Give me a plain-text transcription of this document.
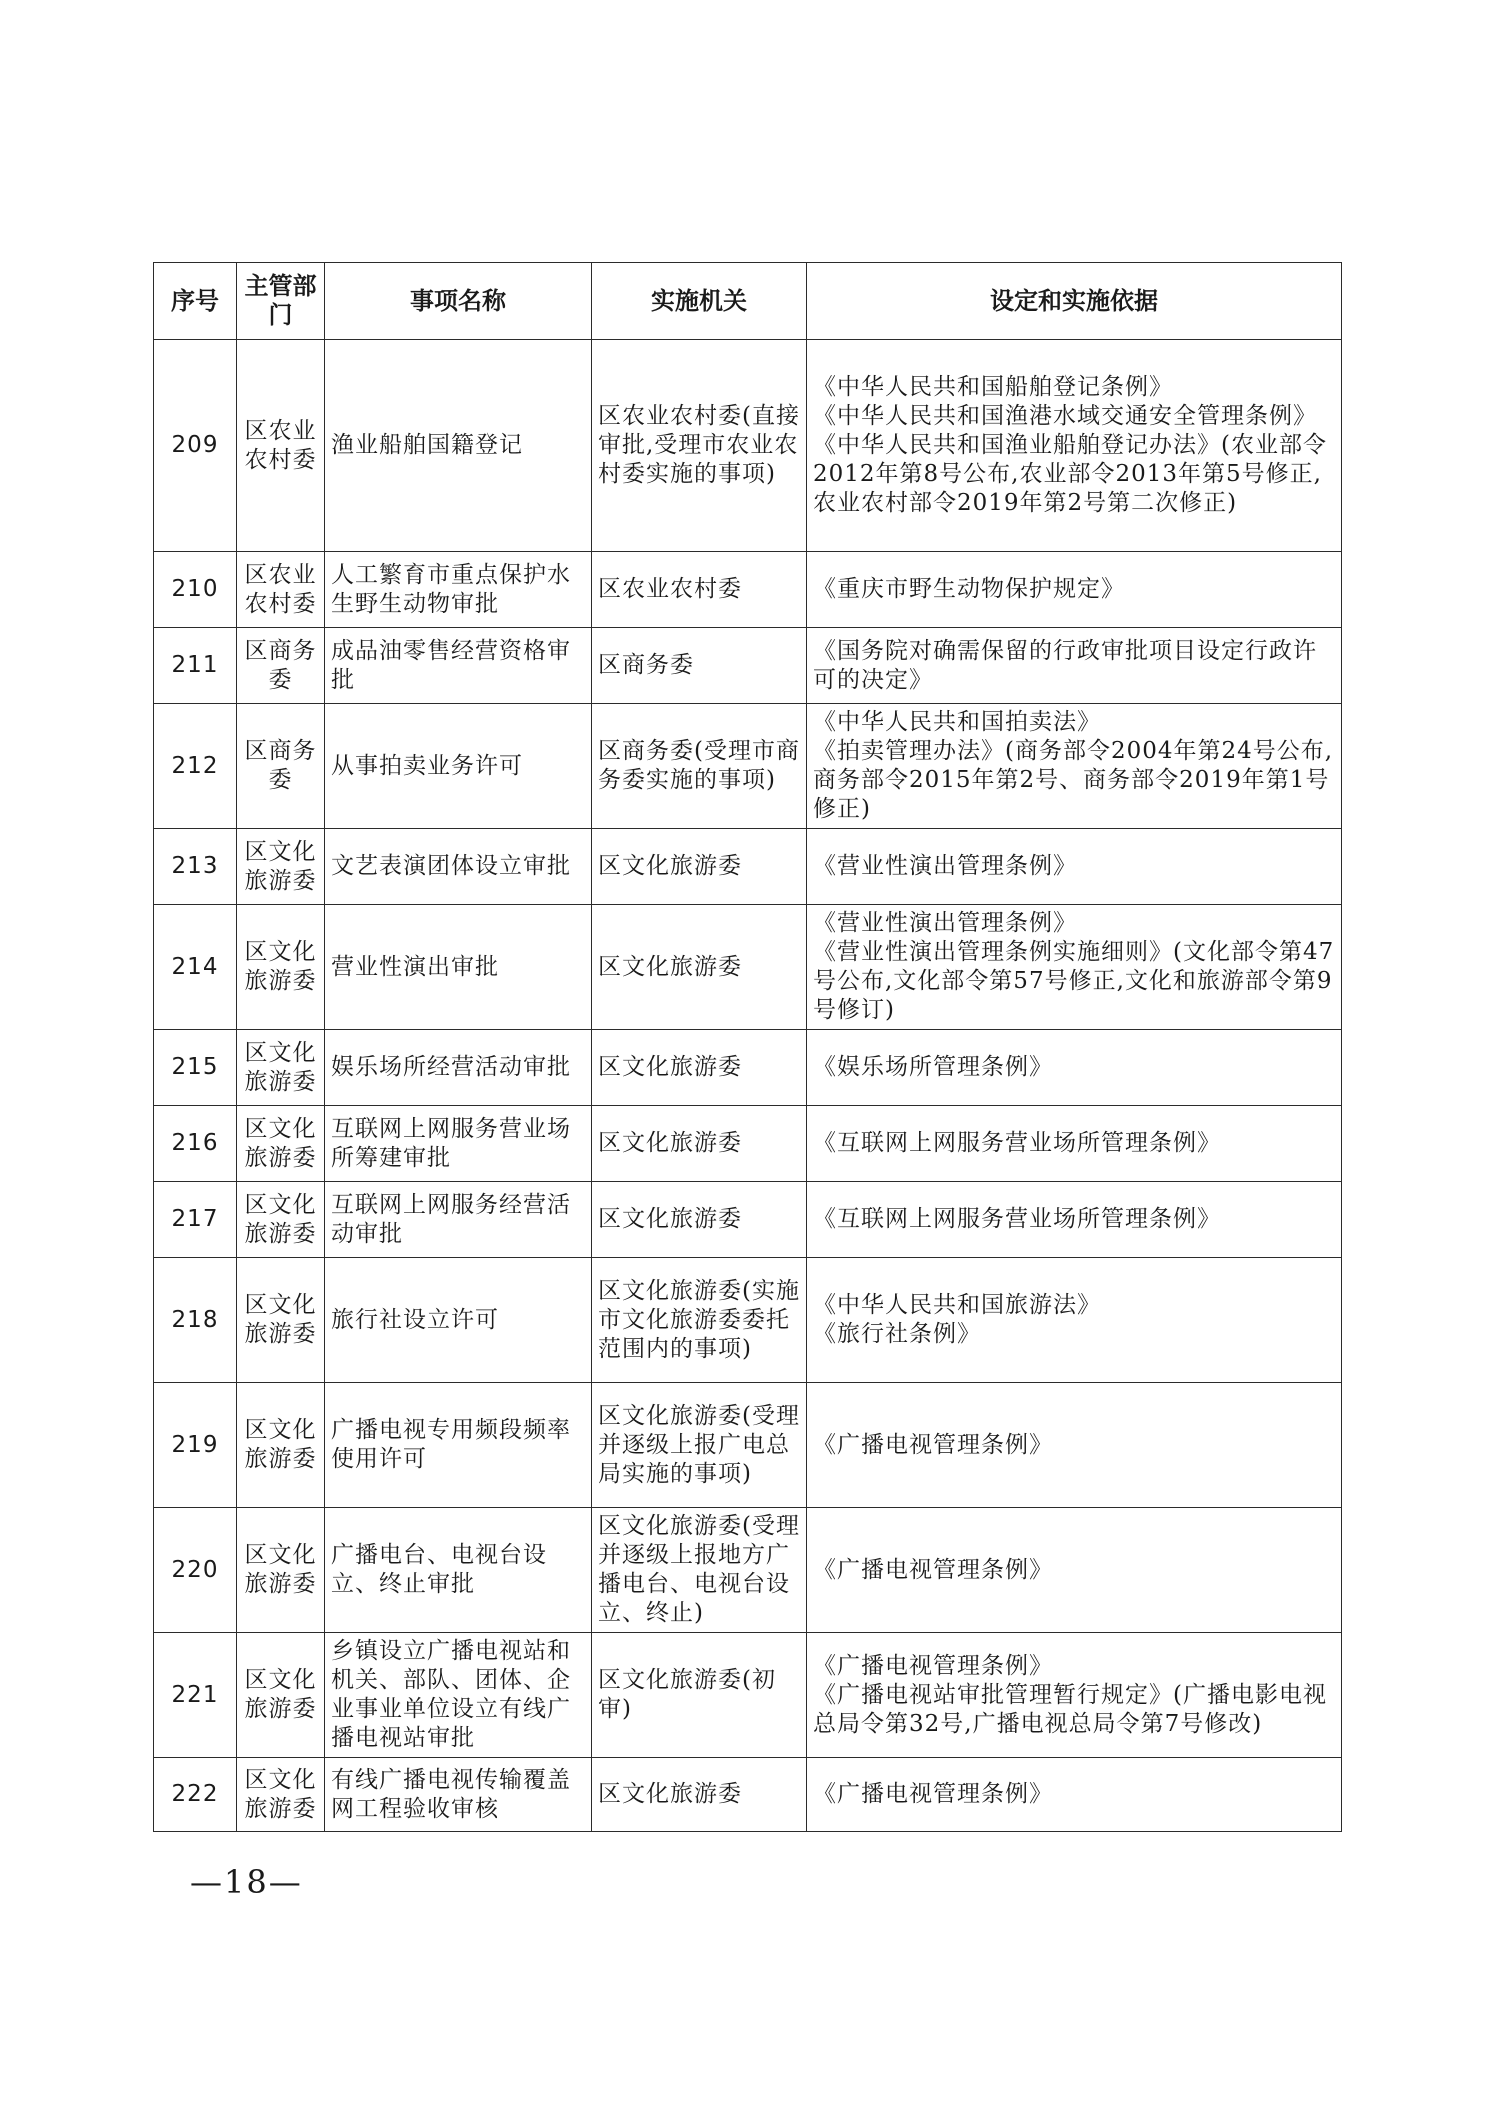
序号	主管部门	事项名称	实施机关	设定和实施依据
209	区农业农村委	渔业船舶国籍登记	区农业农村委(直接审批,受理市农业农村委实施的事项)	《中华人民共和国船舶登记条例》
《中华人民共和国渔港水域交通安全管理条例》
《中华人民共和国渔业船舶登记办法》(农业部令2012年第8号公布,农业部令2013年第5号修正,农业农村部令2019年第2号第二次修正)

210	区农业农村委	人工繁育市重点保护水生野生动物审批	区农业农村委	《重庆市野生动物保护规定》

211	区商务委	成品油零售经营资格审批	区商务委	《国务院对确需保留的行政审批项目设定行政许可的决定》

212	区商务委	从事拍卖业务许可	区商务委(受理市商务委实施的事项)	《中华人民共和国拍卖法》
《拍卖管理办法》(商务部令2004年第24号公布,商务部令2015年第2号、商务部令2019年第1号修正)

213	区文化旅游委	文艺表演团体设立审批	区文化旅游委	《营业性演出管理条例》

214	区文化旅游委	营业性演出审批	区文化旅游委	《营业性演出管理条例》
《营业性演出管理条例实施细则》(文化部令第47号公布,文化部令第57号修正,文化和旅游部令第9号修订)

215	区文化旅游委	娱乐场所经营活动审批	区文化旅游委	《娱乐场所管理条例》

216	区文化旅游委	互联网上网服务营业场所筹建审批	区文化旅游委	《互联网上网服务营业场所管理条例》

217	区文化旅游委	互联网上网服务经营活动审批	区文化旅游委	《互联网上网服务营业场所管理条例》

218	区文化旅游委	旅行社设立许可	区文化旅游委(实施市文化旅游委委托范围内的事项)	《中华人民共和国旅游法》
《旅行社条例》

219	区文化旅游委	广播电视专用频段频率使用许可	区文化旅游委(受理并逐级上报广电总局实施的事项)	《广播电视管理条例》

220	区文化旅游委	广播电台、电视台设立、终止审批	区文化旅游委(受理并逐级上报地方广播电台、电视台设立、终止)	《广播电视管理条例》

221	区文化旅游委	乡镇设立广播电视站和机关、部队、团体、企业事业单位设立有线广播电视站审批	区文化旅游委(初审)	《广播电视管理条例》
《广播电视站审批管理暂行规定》(广播电影电视总局令第32号,广播电视总局令第7号修改)

222	区文化旅游委	有线广播电视传输覆盖网工程验收审核	区文化旅游委	《广播电视管理条例》
—18—
